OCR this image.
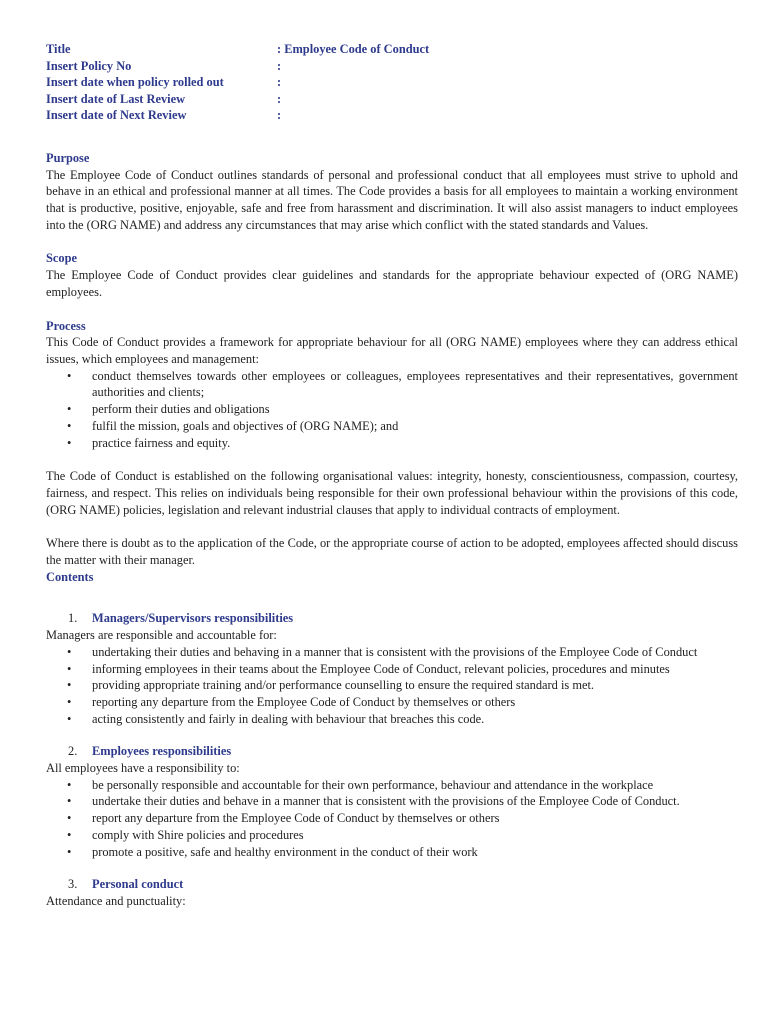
Title	: Employee Code of Conduct
Insert Policy No	:
Insert date when policy rolled out	:
Insert date of Last Review	:
Insert date of Next Review	:
Purpose

The Employee Code of Conduct outlines standards of personal and professional conduct that all employees must strive to uphold and behave in an ethical and professional manner at all times. The Code provides a basis for all employees to maintain a working environment that is productive, positive, enjoyable, safe and free from harassment and discrimination. It will also assist managers to induct employees into the (ORG NAME) and address any circumstances that may arise which conflict with the stated standards and Values.

Scope

The Employee Code of Conduct provides clear guidelines and standards for the appropriate behaviour expected of (ORG NAME) employees.

Process

This Code of Conduct provides a framework for appropriate behaviour for all (ORG NAME) employees where they can address ethical issues, which employees and management:

• conduct themselves towards other employees or colleagues, employees representatives and their representatives, government authorities and clients;
• perform their duties and obligations
• fulfil the mission, goals and objectives of (ORG NAME); and
• practice fairness and equity.

The Code of Conduct is established on the following organisational values: integrity, honesty, conscientiousness, compassion, courtesy, fairness, and respect. This relies on individuals being responsible for their own professional behaviour within the provisions of this code, (ORG NAME) policies, legislation and relevant industrial clauses that apply to individual contracts of employment.

Where there is doubt as to the application of the Code, or the appropriate course of action to be adopted, employees affected should discuss the matter with their manager.

Contents
1.	Managers/Supervisors responsibilities

Managers are responsible and accountable for:

• undertaking their duties and behaving in a manner that is consistent with the provisions of the Employee Code of Conduct
• informing employees in their teams about the Employee Code of Conduct, relevant policies, procedures and minutes
• providing appropriate training and/or performance counselling to ensure the required standard is met.
• reporting any departure from the Employee Code of Conduct by themselves or others
• acting consistently and fairly in dealing with behaviour that breaches this code.
2.	Employees responsibilities

All employees have a responsibility to:

• be personally responsible and accountable for their own performance, behaviour and attendance in the workplace
• undertake their duties and behave in a manner that is consistent with the provisions of the Employee Code of Conduct.
• report any departure from the Employee Code of Conduct by themselves or others
• comply with Shire policies and procedures
• promote a positive, safe and healthy environment in the conduct of their work
3.	Personal conduct

Attendance and punctuality:
